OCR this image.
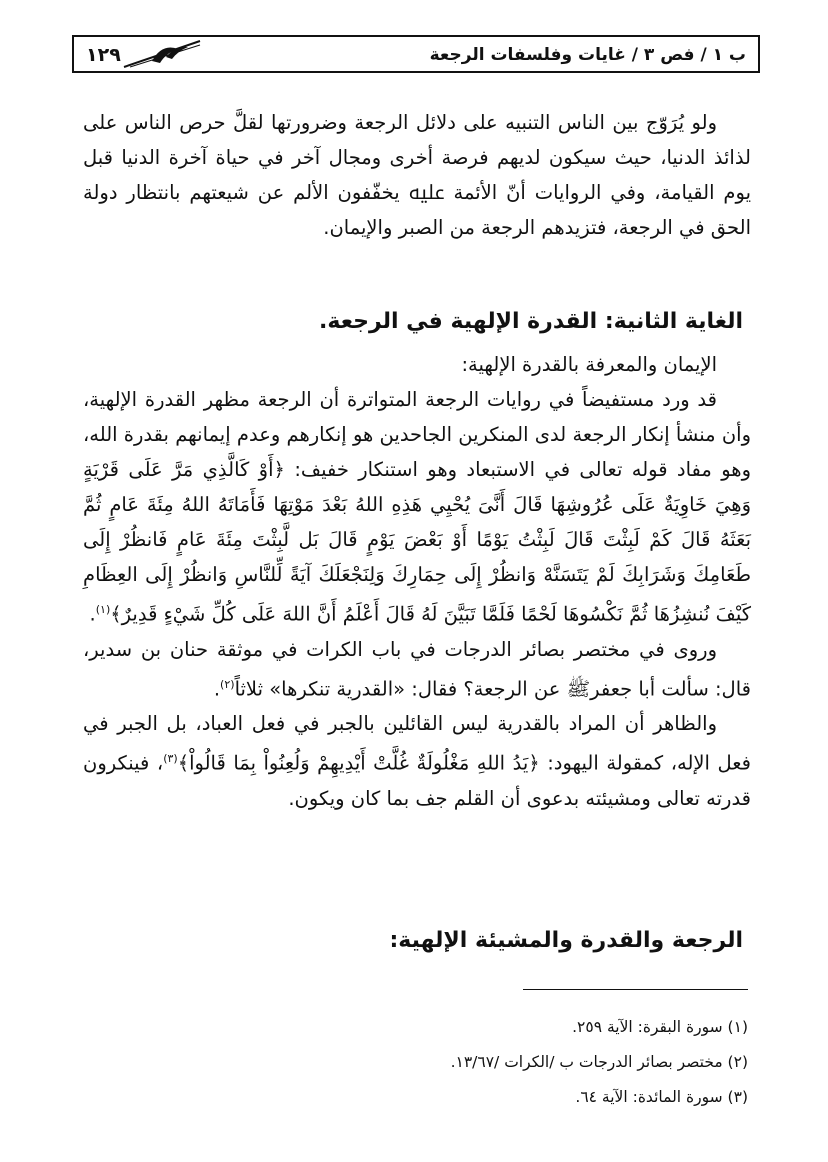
ب ١ / فص ٣ / غايات وفلسفات الرجعة
١٢٩

ولو يُرَوّج بين الناس التنبيه على دلائل الرجعة وضرورتها لقلَّ حرص الناس على لذائذ الدنيا، حيث سيكون لديهم فرصة أخرى ومجال آخر في حياة آخرة الدنيا قبل يوم القيامة، وفي الروايات أنّ الأئمة ﷷ يخفّفون الألم عن شيعتهم بانتظار دولة الحق في الرجعة، فتزيدهم الرجعة من الصبر والإيمان.

الغاية الثانية: القدرة الإلهية في الرجعة.

الإيمان والمعرفة بالقدرة الإلهية:

قد ورد مستفيضاً في روايات الرجعة المتواترة أن الرجعة مظهر القدرة الإلهية، وأن منشأ إنكار الرجعة لدى المنكرين الجاحدين هو إنكارهم وعدم إيمانهم بقدرة الله، وهو مفاد قوله تعالى في الاستبعاد وهو استنكار خفيف: ﴿أَوْ كَالَّذِي مَرَّ عَلَى قَرْيَةٍ وَهِيَ خَاوِيَةٌ عَلَى عُرُوشِهَا قَالَ أَنَّىَ يُحْيِي هَذِهِ اللهُ بَعْدَ مَوْتِهَا فَأَمَاتَهُ اللهُ مِئَةَ عَامٍ ثُمَّ بَعَثَهُ قَالَ كَمْ لَبِثْتَ قَالَ لَبِثْتُ يَوْمًا أَوْ بَعْضَ يَوْمٍ قَالَ بَل لَّبِثْتَ مِئَةَ عَامٍ فَانظُرْ إِلَى طَعَامِكَ وَشَرَابِكَ لَمْ يَتَسَنَّهْ وَانظُرْ إِلَى حِمَارِكَ وَلِنَجْعَلَكَ آيَةً لِّلنَّاسِ وَانظُرْ إِلَى العِظَامِ كَيْفَ نُنشِزُهَا ثُمَّ نَكْسُوهَا لَحْمًا فَلَمَّا تَبَيَّنَ لَهُ قَالَ أَعْلَمُ أَنَّ اللهَ عَلَى كُلِّ شَيْءٍ قَدِيرٌ﴾$^{(١)}$.

وروى في مختصر بصائر الدرجات في باب الكرات في موثقة حنان بن سدير، قال: سألت أبا جعفرﷺ عن الرجعة؟ فقال: «القدرية تنكرها» ثلاثاً$^{(٢)}$.

والظاهر أن المراد بالقدرية ليس القائلين بالجبر في فعل العباد، بل الجبر في فعل الإله، كمقولة اليهود: ﴿يَدُ اللهِ مَغْلُولَةٌ غُلَّتْ أَيْدِيهِمْ وَلُعِنُواْ بِمَا قَالُواْ﴾$^{(٣)}$، فينكرون قدرته تعالى ومشيئته بدعوى أن القلم جف بما كان ويكون.

الرجعة والقدرة والمشيئة الإلهية:
(١) سورة البقرة: الآية ٢٥٩.
(٢) مختصر بصائر الدرجات ب /الكرات /١٣/٦٧.
(٣) سورة المائدة: الآية ٦٤.
